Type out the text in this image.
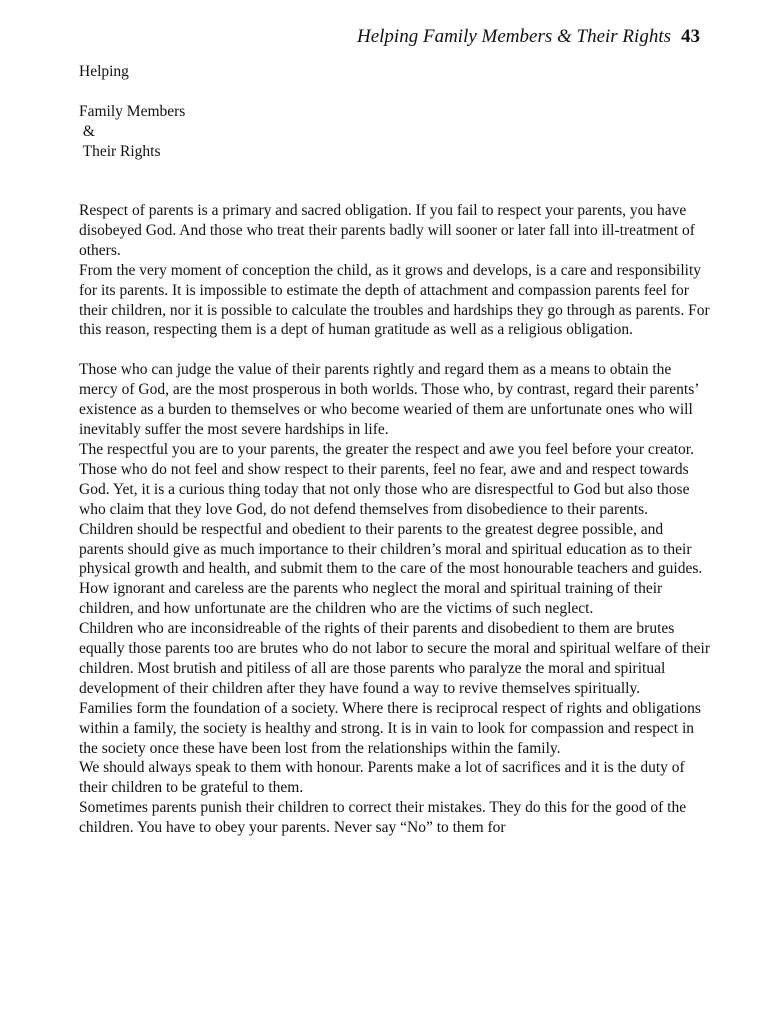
Helping Family Members & Their Rights 43
Helping
Family Members
&
Their Rights

Respect of parents is a primary and sacred obligation. If you fail to respect your parents, you have disobeyed God. And those who treat their parents badly will sooner or later fall into ill-treatment of others.

From the very moment of conception the child, as it grows and develops, is a care and responsibility for its parents. It is impossible to estimate the depth of attachment and compassion parents feel for their children, nor it is possible to calculate the troubles and hardships they go through as parents. For this reason, respecting them is a dept of human gratitude as well as a religious obligation.

Those who can judge the value of their parents rightly and regard them as a means to obtain the mercy of God, are the most prosperous in both worlds. Those who, by contrast, regard their parents’ existence as a burden to themselves or who become wearied of them are unfortunate ones who will inevitably suffer the most severe hardships in life.

The respectful you are to your parents, the greater the respect and awe you feel before your creator. Those who do not feel and show respect to their parents, feel no fear, awe and and respect towards God. Yet, it is a curious thing today that not only those who are disrespectful to God but also those who claim that they love God, do not defend themselves from disobedience to their parents.

Children should be respectful and obedient to their parents to the greatest degree possible, and parents should give as much importance to their children’s moral and spiritual education as to their physical growth and health, and submit them to the care of the most honourable teachers and guides. How ignorant and careless are the parents who neglect the moral and spiritual training of their children, and how unfortunate are the children who are the victims of such neglect.

Children who are inconsidreable of the rights of their parents and disobedient to them are brutes equally those parents too are brutes who do not labor to secure the moral and spiritual welfare of their children. Most brutish and pitiless of all are those parents who paralyze the moral and spiritual development of their children after they have found a way to revive themselves spiritually.

Families form the foundation of a society. Where there is reciprocal respect of rights and obligations within a family, the society is healthy and strong. It is in vain to look for compassion and respect in the society once these have been lost from the relationships within the family.

We should always speak to them with honour. Parents make a lot of sacrifices and it is the duty of their children to be grateful to them.

Sometimes parents punish their children to correct their mistakes. They do this for the good of the children. You have to obey your parents. Never say “No” to them for
